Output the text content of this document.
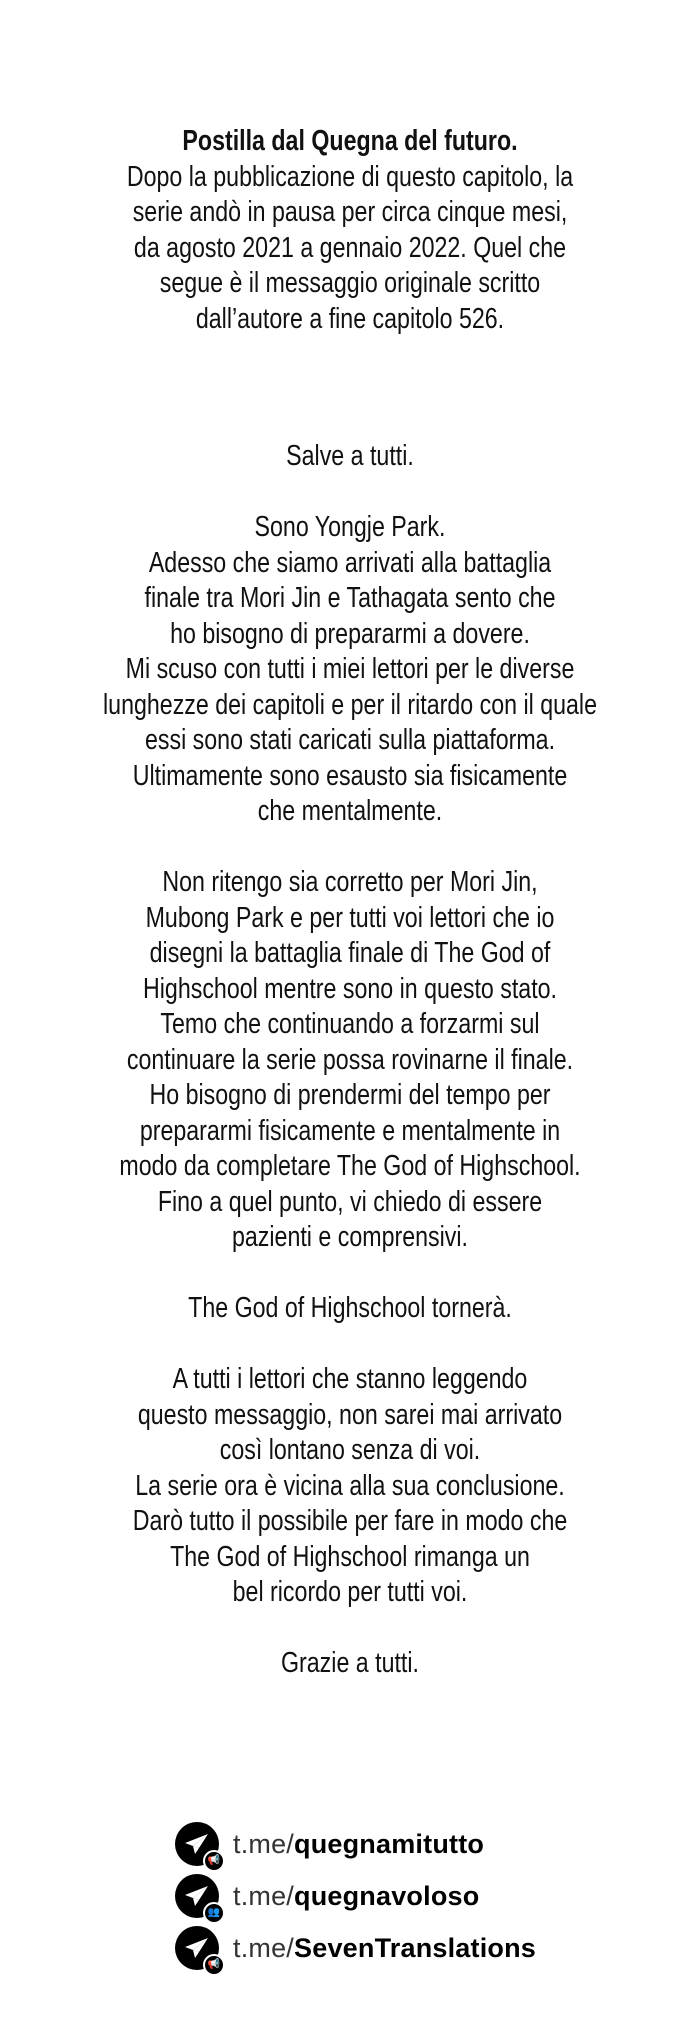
Postilla dal Quegna del futuro.
Dopo la pubblicazione di questo capitolo, la
serie andò in pausa per circa cinque mesi,
da agosto 2021 a gennaio 2022. Quel che
segue è il messaggio originale scritto
dall’autore a fine capitolo 526.
Salve a tutti.
Sono Yongje Park.
Adesso che siamo arrivati alla battaglia
finale tra Mori Jin e Tathagata sento che
ho bisogno di prepararmi a dovere.
Mi scuso con tutti i miei lettori per le diverse
lunghezze dei capitoli e per il ritardo con il quale
essi sono stati caricati sulla piattaforma.
Ultimamente sono esausto sia fisicamente
che mentalmente.
Non ritengo sia corretto per Mori Jin,
Mubong Park e per tutti voi lettori che io
disegni la battaglia finale di The God of
Highschool mentre sono in questo stato.
Temo che continuando a forzarmi sul
continuare la serie possa rovinarne il finale.
Ho bisogno di prendermi del tempo per
prepararmi fisicamente e mentalmente in
modo da completare The God of Highschool.
Fino a quel punto, vi chiedo di essere
pazienti e comprensivi.
The God of Highschool tornerà.
A tutti i lettori che stanno leggendo
questo messaggio, non sarei mai arrivato
così lontano senza di voi.
La serie ora è vicina alla sua conclusione.
Darò tutto il possibile per fare in modo che
The God of Highschool rimanga un
bel ricordo per tutti voi.
Grazie a tutti.
📢
t.me/quegnamitutto
👥
t.me/quegnavoloso
📢
t.me/SevenTranslations
